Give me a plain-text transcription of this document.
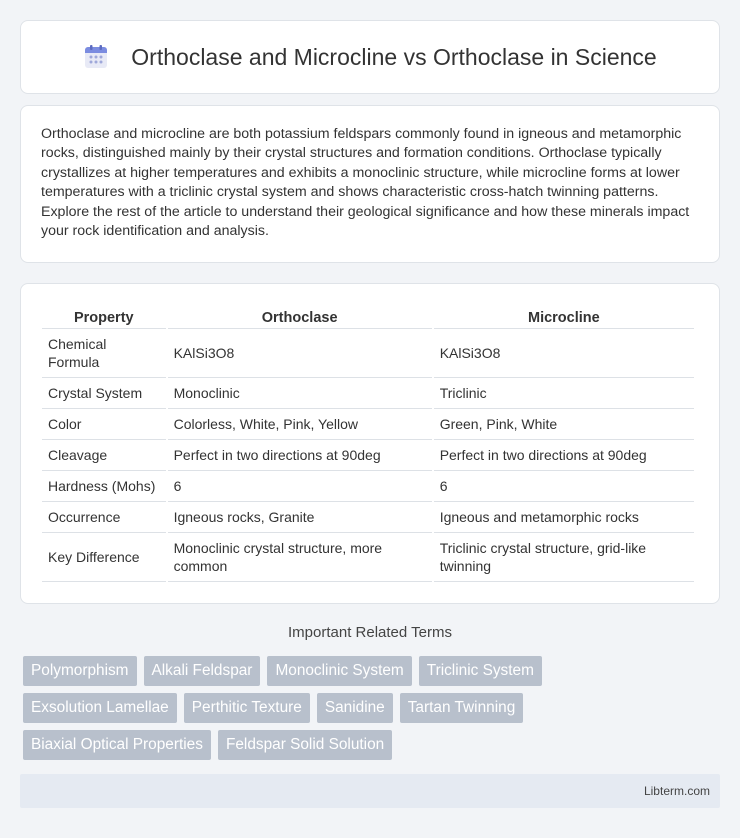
Orthoclase and Microcline vs Orthoclase in Science

Orthoclase and microcline are both potassium feldspars commonly found in igneous and metamorphic rocks, distinguished mainly by their crystal structures and formation conditions. Orthoclase typically crystallizes at higher temperatures and exhibits a monoclinic structure, while microcline forms at lower temperatures with a triclinic crystal system and shows characteristic cross-hatch twinning patterns. Explore the rest of the article to understand their geological significance and how these minerals impact your rock identification and analysis.

Property	Orthoclase	Microcline
Chemical Formula	KAlSi3O8	KAlSi3O8
Crystal System	Monoclinic	Triclinic
Color	Colorless, White, Pink, Yellow	Green, Pink, White
Cleavage	Perfect in two directions at 90deg	Perfect in two directions at 90deg
Hardness (Mohs)	6	6
Occurrence	Igneous rocks, Granite	Igneous and metamorphic rocks
Key Difference	Monoclinic crystal structure, more common	Triclinic crystal structure, grid-like twinning
Important Related Terms
Polymorphism	Alkali Feldspar	Monoclinic System	Triclinic System
Exsolution Lamellae	Perthitic Texture	Sanidine	Tartan Twinning
Biaxial Optical Properties	Feldspar Solid Solution
Libterm.com
